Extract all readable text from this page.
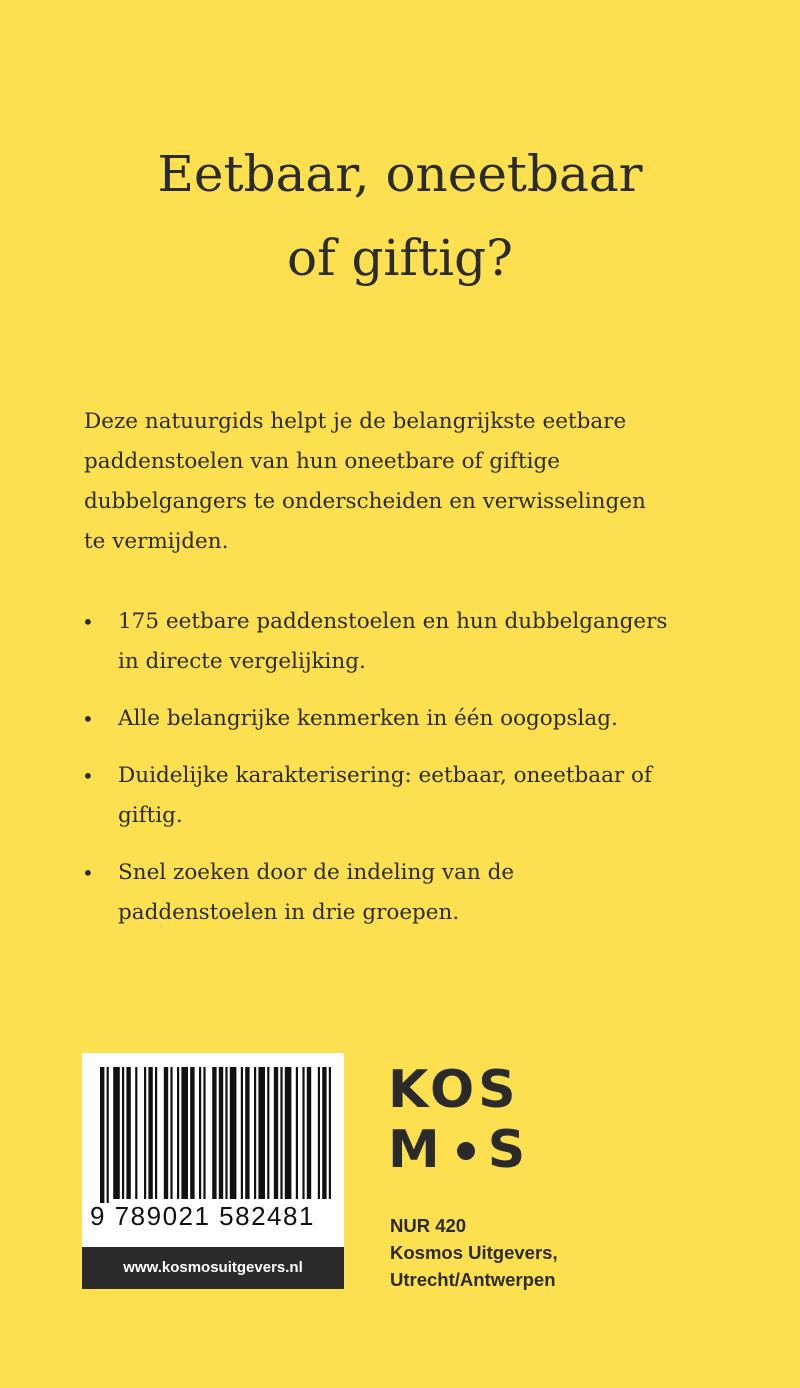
Eetbaar, oneetbaar
of giftig?

Deze natuurgids helpt je de belangrijkste eetbare
paddenstoelen van hun oneetbare of giftige
dubbelgangers te onderscheiden en verwisselingen
te vermijden.

• 175 eetbare paddenstoelen en hun dubbelgangers
in directe vergelijking.
• Alle belangrijke kenmerken in één oogopslag.
• Duidelijke karakterisering: eetbaar, oneetbaar of
giftig.
• Snel zoeken door de indeling van de
paddenstoelen in drie groepen.
9 789021 582481
www.kosmosuitgevers.nl
KOS
M S
NUR 420
Kosmos Uitgevers,
Utrecht/Antwerpen
